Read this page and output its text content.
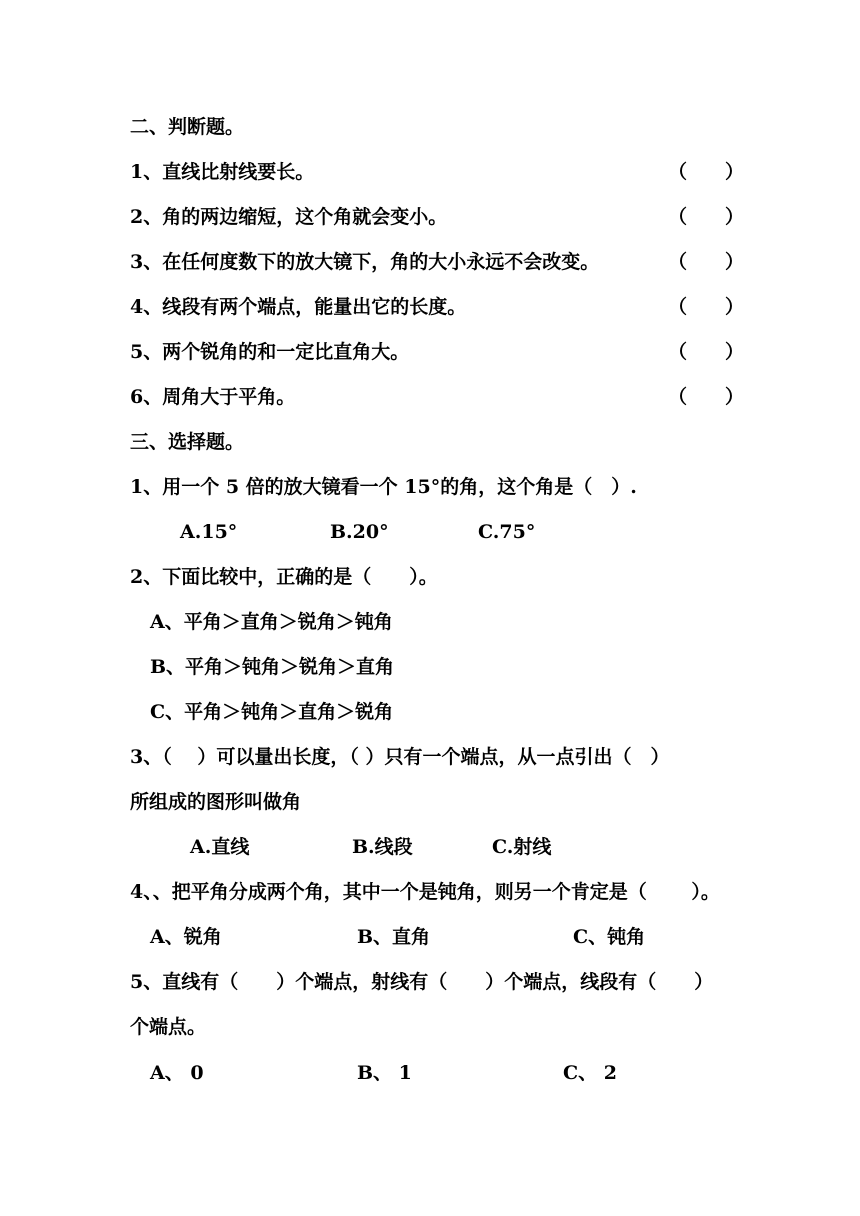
二、判断题。
1、直线比射线要长。	（　　）
2、角的两边缩短，这个角就会变小。	（　　）
3、在任何度数下的放大镜下，角的大小永远不会改变。	（　　）
4、线段有两个端点，能量出它的长度。	（　　）
5、两个锐角的和一定比直角大。	（　　）
6、周角大于平角。	（　　）
三、选择题。
1、用一个 5 倍的放大镜看一个 15°的角，这个角是（　）.
A.15°	B.20°	C.75°
2、下面比较中，正确的是（　　）。
A、平角＞直角＞锐角＞钝角
B、平角＞钝角＞锐角＞直角
C、平角＞钝角＞直角＞锐角
3、（　 ）可以量出长度，（ ）只有一个端点，从一点引出（　）
所组成的图形叫做角
A.直线	B.线段	C.射线
4、、把平角分成两个角，其中一个是钝角，则另一个肯定是（　　 ）。
A、锐角	B、直角	C、钝角
5、直线有（　　）个端点，射线有（　　）个端点，线段有（　　）
个端点。
A、 0	B、 1	C、 2
